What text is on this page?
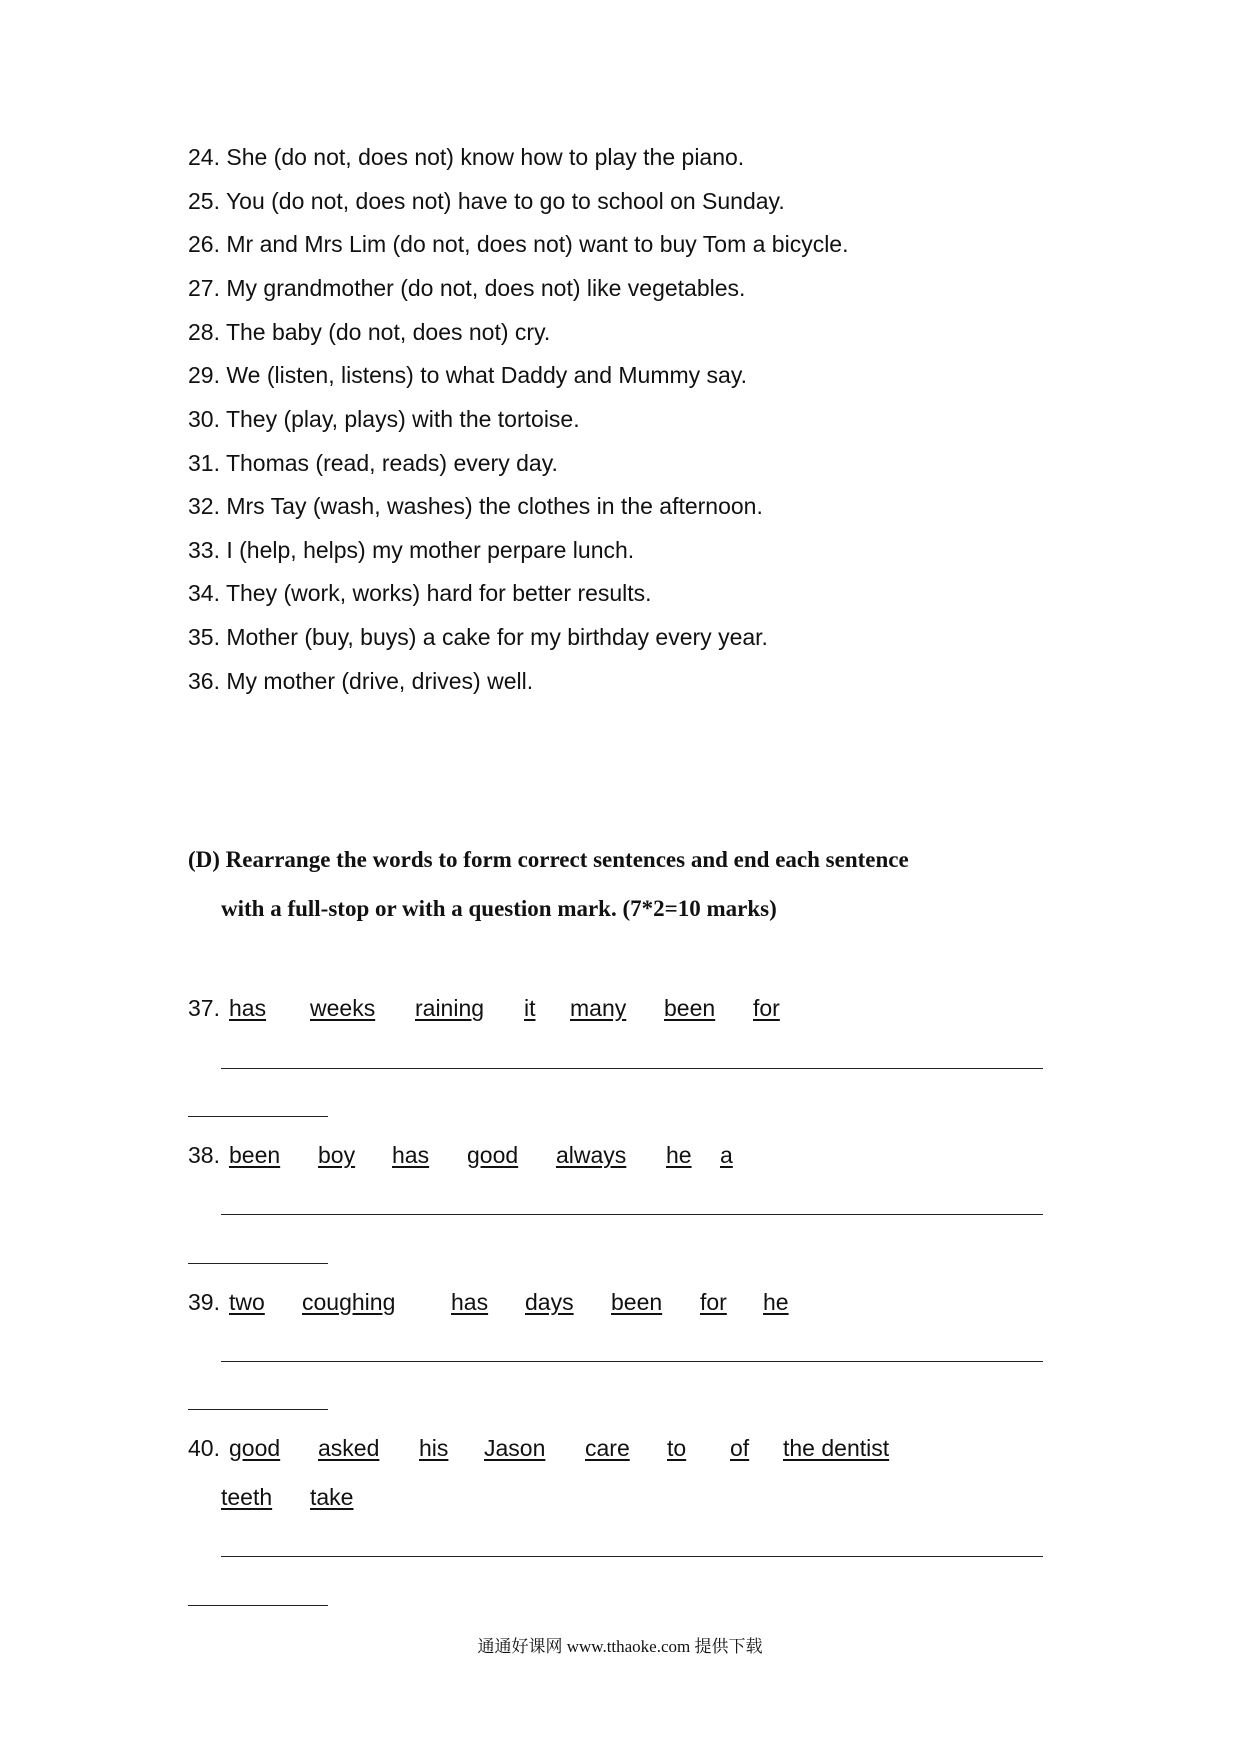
24. She (do not, does not) know how to play the piano.
25. You (do not, does not) have to go to school on Sunday.
26. Mr and Mrs Lim (do not, does not) want to buy Tom a bicycle.
27. My grandmother (do not, does not) like vegetables.
28. The baby (do not, does not) cry.
29. We (listen, listens) to what Daddy and Mummy say.
30. They (play, plays) with the tortoise.
31. Thomas (read, reads) every day.
32. Mrs Tay (wash, washes) the clothes in the afternoon.
33. I (help, helps) my mother perpare lunch.
34. They (work, works) hard for better results.
35. Mother (buy, buys) a cake for my birthday every year.
36. My mother (drive, drives) well.
(D) Rearrange the words to form correct sentences and end each sentence
with a full-stop or with a question mark. (7*2=10 marks)
37. has weeks raining it many been for
38. been boy has good always he a
39. two coughing has days been for he
40. good asked his Jason care to of the dentist
teeth take
通通好课网 www.tthaoke.com 提供下载
